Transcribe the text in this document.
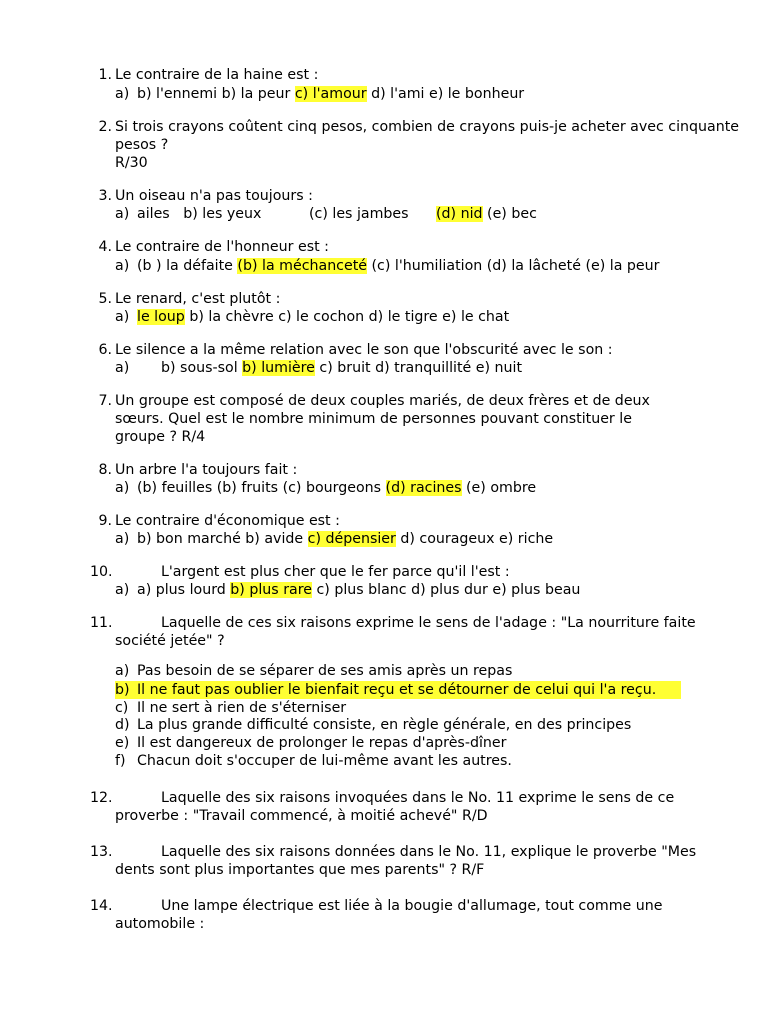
1. Le contraire de la haine est :
a) b) l'ennemi b) la peur c) l'amour d) l'ami e) le bonheur
2. Si trois crayons coûtent cinq pesos, combien de crayons puis-je acheter avec cinquante
pesos ?
R/30
3. Un oiseau n'a pas toujours :
a) ailes   b) les yeux	(c) les jambes (d) nid (e) bec
4. Le contraire de l'honneur est :
a) (b ) la défaite (b) la méchanceté (c) l'humiliation (d) la lâcheté (e) la peur
5. Le renard, c'est plutôt :
a) le loup b) la chèvre c) le cochon d) le tigre e) le chat
6. Le silence a la même relation avec le son que l'obscurité avec le son :
a) b) sous-sol b) lumière c) bruit d) tranquillité e) nuit
7. Un groupe est composé de deux couples mariés, de deux frères et de deux
sœurs. Quel est le nombre minimum de personnes pouvant constituer le
groupe ? R/4
8. Un arbre l'a toujours fait :
a) (b) feuilles (b) fruits (c) bourgeons (d) racines (e) ombre
9. Le contraire d'économique est :
a) b) bon marché b) avide c) dépensier d) courageux e) riche
10.	L'argent est plus cher que le fer parce qu'il l'est :
a) a) plus lourd b) plus rare c) plus blanc d) plus dur e) plus beau
11.	Laquelle de ces six raisons exprime le sens de l'adage : "La nourriture faite
société jetée" ?
a) Pas besoin de se séparer de ses amis après un repas
b) Il ne faut pas oublier le bienfait reçu et se détourner de celui qui l'a reçu.
c) Il ne sert à rien de s'éterniser
d) La plus grande difficulté consiste, en règle générale, en des principes
e) Il est dangereux de prolonger le repas d'après-dîner
f) Chacun doit s'occuper de lui-même avant les autres.
12.	Laquelle des six raisons invoquées dans le No. 11 exprime le sens de ce
proverbe : "Travail commencé, à moitié achevé" R/D
13.	Laquelle des six raisons données dans le No. 11, explique le proverbe "Mes
dents sont plus importantes que mes parents" ? R/F
14.	Une lampe électrique est liée à la bougie d'allumage, tout comme une
automobile :
